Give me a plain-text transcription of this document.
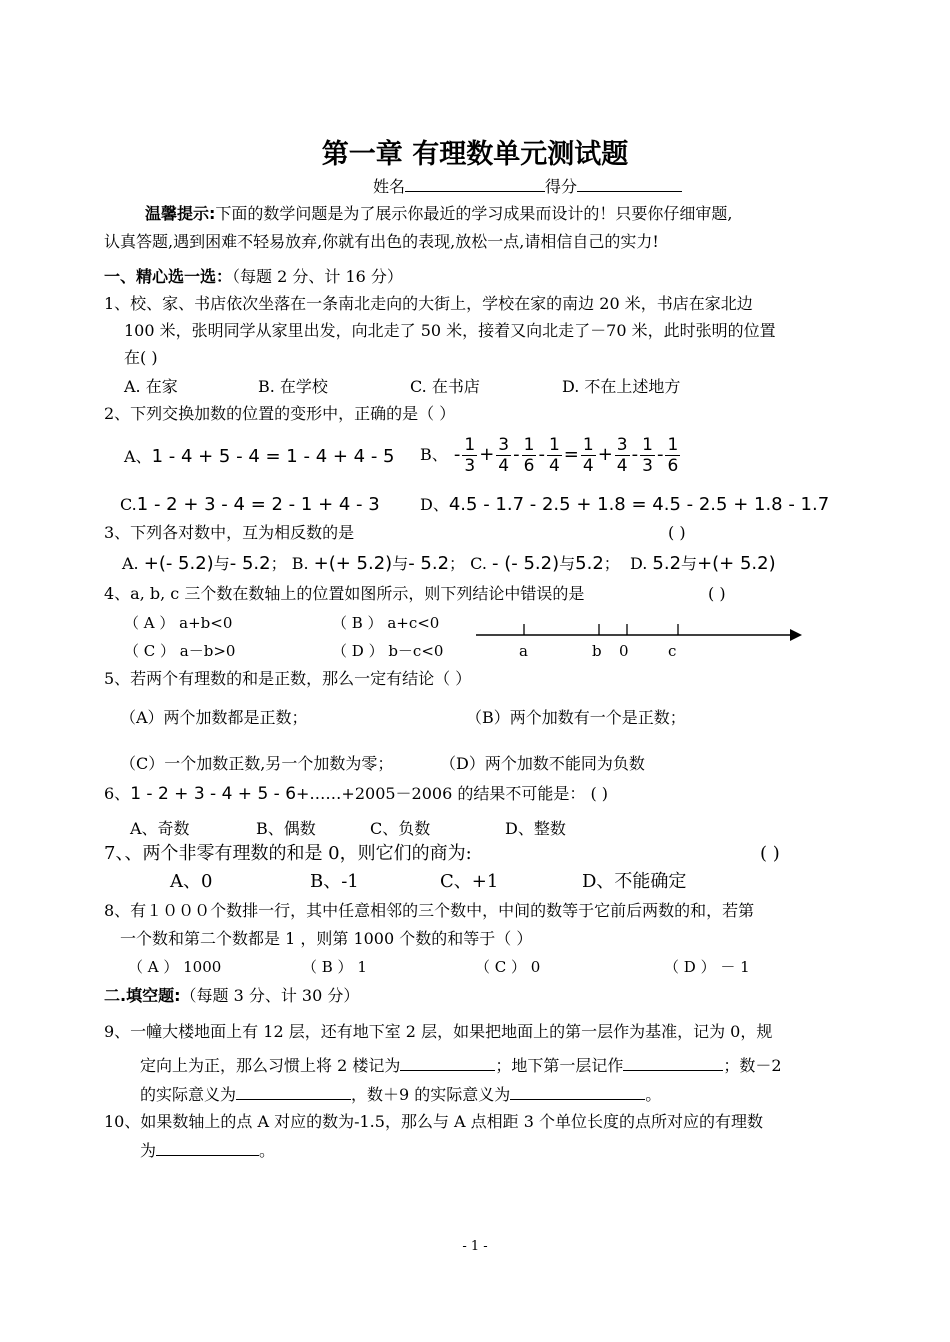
第一章 有理数单元测试题
姓名	得分
温馨提示:下面的数学问题是为了展示你最近的学习成果而设计的！只要你仔细审题,
认真答题,遇到困难不轻易放弃,你就有出色的表现,放松一点,请相信自己的实力!
一、精心选一选：（每题 2 分、计 16 分）
1、校、家、书店依次坐落在一条南北走向的大街上，学校在家的南边 20 米，书店在家北边
100 米，张明同学从家里出发，向北走了 50 米，接着又向北走了－70 米，此时张明的位置
在( )
A. 在家	B. 在学校	C. 在书店	D. 不在上述地方
2、下列交换加数的位置的变形中，正确的是（ ）
A、1 - 4 + 5 - 4 = 1 - 4 + 4 - 5 B、 - $\frac{1}{3} + \frac{3}{4} - \frac{1}{6} - \frac{1}{4} = \frac{1}{4} + \frac{3}{4} - \frac{1}{3} - \frac{1}{6}$
C.1 - 2 + 3 - 4 = 2 - 1 + 4 - 3	D、4.5 - 1.7 - 2.5 + 1.8 = 4.5 - 2.5 + 1.8 - 1.7
3、下列各对数中，互为相反数的是	( )
A. +(- 5.2)与- 5.2； B. +(+ 5.2)与- 5.2； C. - (- 5.2)与5.2； D. 5.2与+(+ 5.2)
4、a, b, c 三个数在数轴上的位置如图所示，则下列结论中错误的是	( )
（ A ） a+b<0	（ B ） a+c<0
（ C ） a－b>0	（ D ） b－c<0	a	b 0	c
5、若两个有理数的和是正数，那么一定有结论（ ）
（A）两个加数都是正数；	（B）两个加数有一个是正数；
（C）一个加数正数,另一个加数为零；	（D）两个加数不能同为负数
6、1 - 2 + 3 - 4 + 5 - 6+……+2005－2006 的结果不可能是： ( )
A、奇数	B、偶数	C、负数	D、整数
7、、两个非零有理数的和是 0，则它们的商为:	( )
A、0	B、-1	C、+1	D、不能确定
8、有１０００个数排一行，其中任意相邻的三个数中，中间的数等于它前后两数的和，若第
一个数和第二个数都是 1 ，则第 1000 个数的和等于（ ）
（ A ） 1000	（ B ） 1	（ C ） 0	（ D ） － 1
二.填空题:（每题 3 分、计 30 分）
9、一幢大楼地面上有 12 层，还有地下室 2 层，如果把地面上的第一层作为基准，记为 0，规
定向上为正，那么习惯上将 2 楼记为	；地下第一层记作	；数－2
的实际意义为	，数＋9 的实际意义为	。
10、如果数轴上的点 A 对应的数为-1.5，那么与 A 点相距 3 个单位长度的点所对应的有理数
为	。
- 1 -
